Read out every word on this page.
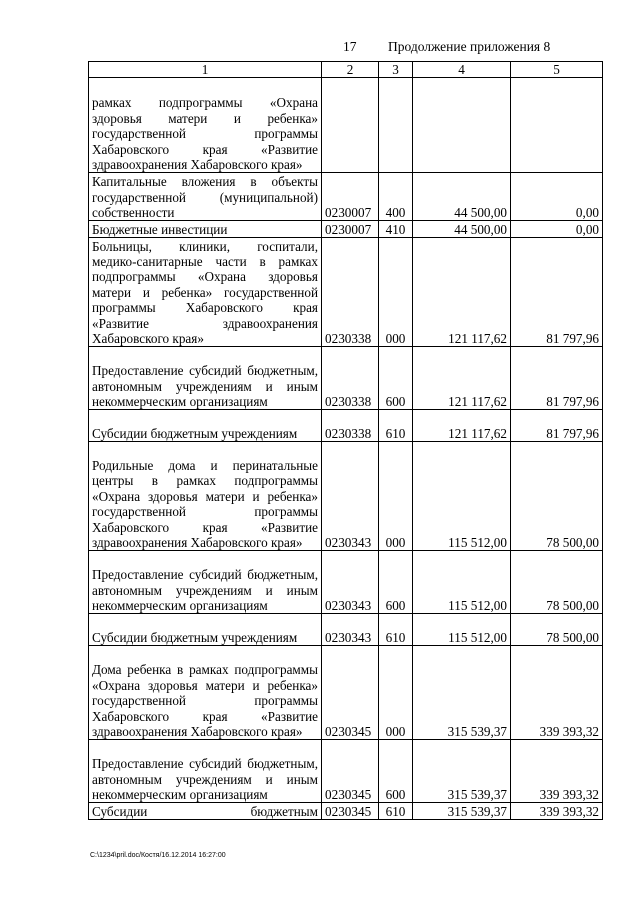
17 Продолжение приложения 8
1	2	3	4	5

рамках подпрограммы «Охрана здоровья матери и ребенка» государственной программы Хабаровского края «Развитие здравоохранения Хабаровского края»				

Капитальные вложения в объекты государственной (муниципальной) собственности	0230007	400	44 500,00	0,00

Бюджетные инвестиции	0230007	410	44 500,00	0,00

Больницы, клиники, госпитали, медико-санитарные части в рамках подпрограммы «Охрана здоровья матери и ребенка» государственной программы Хабаровского края «Развитие здравоохранения Хабаровского края»	0230338	000	121 117,62	81 797,96

Предоставление субсидий бюджетным, автономным учреждениям и иным некоммерческим организациям	0230338	600	121 117,62	81 797,96

Субсидии бюджетным учреждениям	0230338	610	121 117,62	81 797,96

Родильные дома и перинатальные центры в рамках подпрограммы «Охрана здоровья матери и ребенка» государственной программы Хабаровского края «Развитие здравоохранения Хабаровского края»	0230343	000	115 512,00	78 500,00

Предоставление субсидий бюджетным, автономным учреждениям и иным некоммерческим организациям	0230343	600	115 512,00	78 500,00

Субсидии бюджетным учреждениям	0230343	610	115 512,00	78 500,00

Дома ребенка в рамках подпрограммы «Охрана здоровья матери и ребенка» государственной программы Хабаровского края «Развитие здравоохранения Хабаровского края»	0230345	000	315 539,37	339 393,32

Предоставление субсидий бюджетным, автономным учреждениям и иным некоммерческим организациям	0230345	600	315 539,37	339 393,32

Субсидии бюджетным	0230345	610	315 539,37	339 393,32
C:\1234\pril.doc/Костя/16.12.2014 16:27:00
